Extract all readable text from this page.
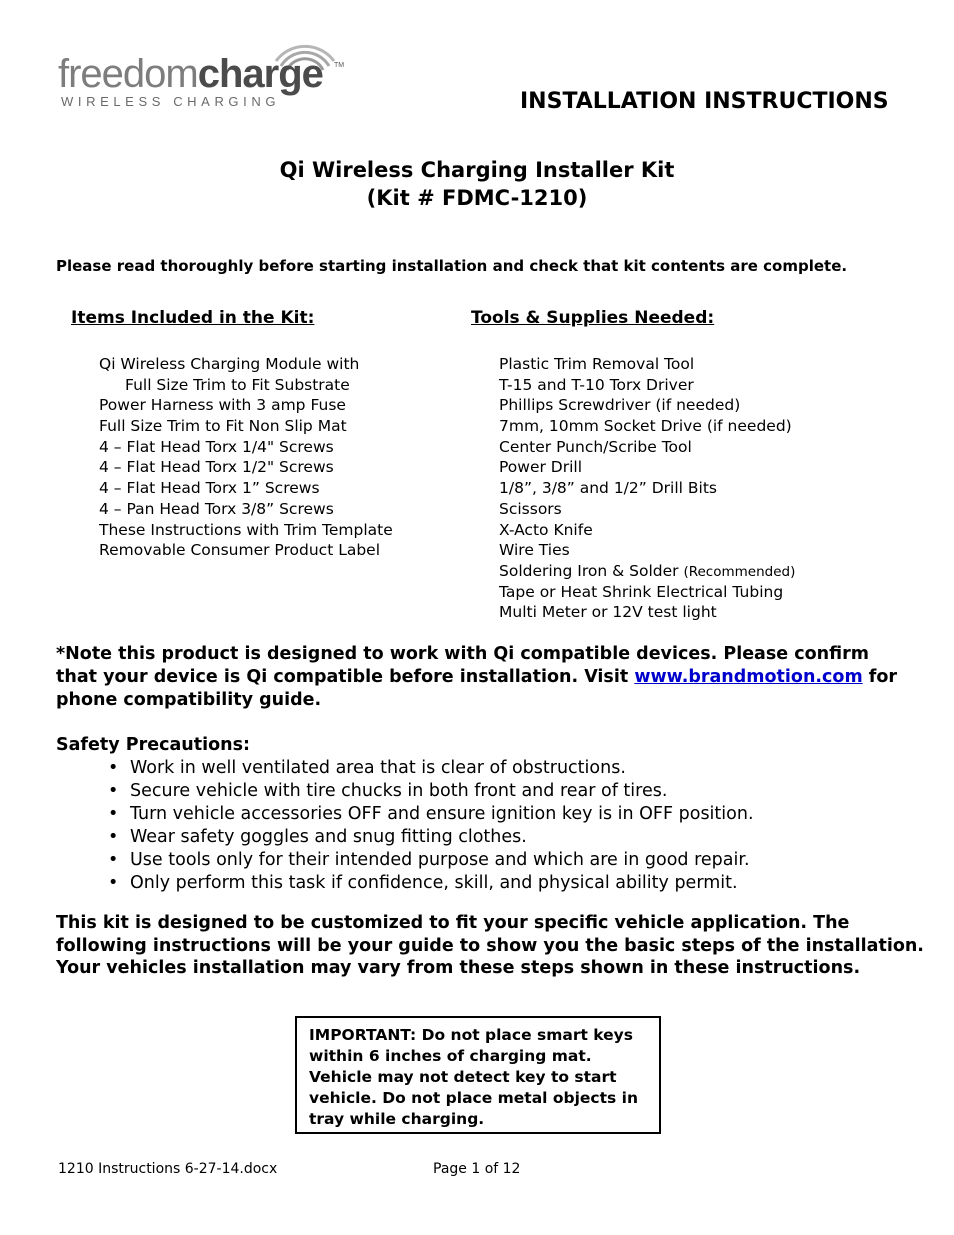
freedomcharge TM
WIRELESS CHARGING	INSTALLATION INSTRUCTIONS
Qi Wireless Charging Installer Kit
(Kit # FDMC-1210)
Please read thoroughly before starting installation and check that kit contents are complete.
Items Included in the Kit:
Qi Wireless Charging Module with
Full Size Trim to Fit Substrate
Power Harness with 3 amp Fuse
Full Size Trim to Fit Non Slip Mat
4 – Flat Head Torx 1/4" Screws
4 – Flat Head Torx 1/2" Screws
4 – Flat Head Torx 1” Screws
4 – Pan Head Torx 3/8” Screws
These Instructions with Trim Template
Removable Consumer Product Label
Tools & Supplies Needed:
Plastic Trim Removal Tool
T-15 and T-10 Torx Driver
Phillips Screwdriver (if needed)
7mm, 10mm Socket Drive (if needed)
Center Punch/Scribe Tool
Power Drill
1/8”, 3/8” and 1/2” Drill Bits
Scissors
X-Acto Knife
Wire Ties
Soldering Iron & Solder (Recommended)
Tape or Heat Shrink Electrical Tubing
Multi Meter or 12V test light
*Note this product is designed to work with Qi compatible devices. Please confirm that your device is Qi compatible before installation. Visit www.brandmotion.com for phone compatibility guide.
Safety Precautions:
• Work in well ventilated area that is clear of obstructions.
• Secure vehicle with tire chucks in both front and rear of tires.
• Turn vehicle accessories OFF and ensure ignition key is in OFF position.
• Wear safety goggles and snug fitting clothes.
• Use tools only for their intended purpose and which are in good repair.
• Only perform this task if confidence, skill, and physical ability permit.
This kit is designed to be customized to fit your specific vehicle application. The following instructions will be your guide to show you the basic steps of the installation. Your vehicles installation may vary from these steps shown in these instructions.
IMPORTANT: Do not place smart keys within 6 inches of charging mat. Vehicle may not detect key to start vehicle. Do not place metal objects in tray while charging.
1210 Instructions 6-27-14.docx	Page 1 of 12
